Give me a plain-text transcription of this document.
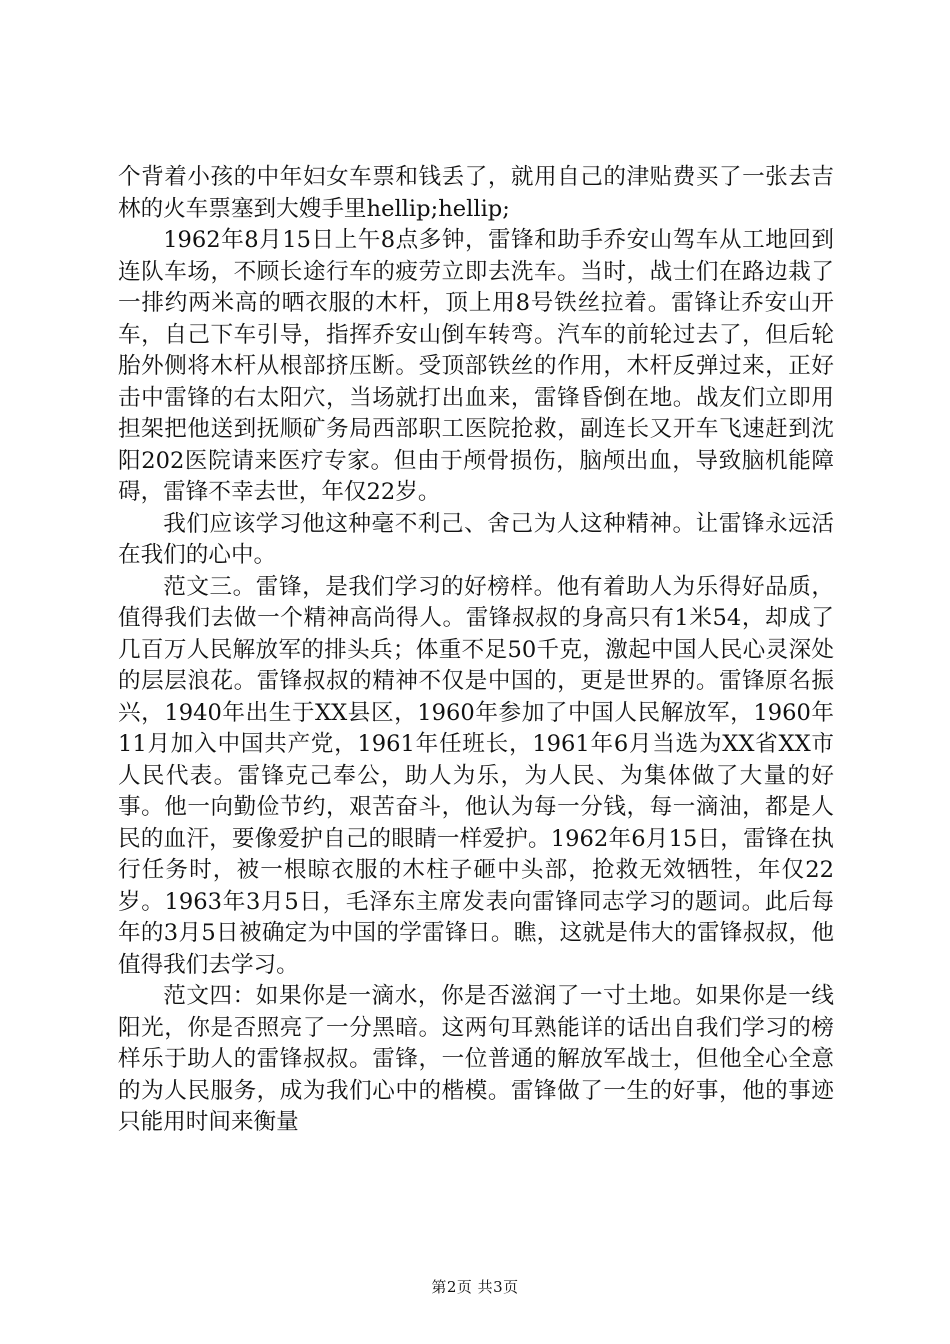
个背着小孩的中年妇女车票和钱丢了，就用自己的津贴费买了一张去吉林的火车票塞到大嫂手里hellip;hellip;

1962年8月15日上午8点多钟，雷锋和助手乔安山驾车从工地回到连队车场，不顾长途行车的疲劳立即去洗车。当时，战士们在路边栽了一排约两米高的晒衣服的木杆，顶上用8号铁丝拉着。雷锋让乔安山开车，自己下车引导，指挥乔安山倒车转弯。汽车的前轮过去了，但后轮胎外侧将木杆从根部挤压断。受顶部铁丝的作用，木杆反弹过来，正好击中雷锋的右太阳穴，当场就打出血来，雷锋昏倒在地。战友们立即用担架把他送到抚顺矿务局西部职工医院抢救，副连长又开车飞速赶到沈阳202医院请来医疗专家。但由于颅骨损伤，脑颅出血，导致脑机能障碍，雷锋不幸去世，年仅22岁。

我们应该学习他这种毫不利己、舍己为人这种精神。让雷锋永远活在我们的心中。

范文三。雷锋，是我们学习的好榜样。他有着助人为乐得好品质，值得我们去做一个精神高尚得人。雷锋叔叔的身高只有1米54，却成了几百万人民解放军的排头兵；体重不足50千克，激起中国人民心灵深处的层层浪花。雷锋叔叔的精神不仅是中国的，更是世界的。雷锋原名振兴，1940年出生于XX县区，1960年参加了中国人民解放军，1960年11月加入中国共产党，1961年任班长，1961年6月当选为XX省XX市人民代表。雷锋克己奉公，助人为乐，为人民、为集体做了大量的好事。他一向勤俭节约，艰苦奋斗，他认为每一分钱，每一滴油，都是人民的血汗，要像爱护自己的眼睛一样爱护。1962年6月15日，雷锋在执行任务时，被一根晾衣服的木柱子砸中头部，抢救无效牺牲，年仅22岁。1963年3月5日，毛泽东主席发表向雷锋同志学习的题词。此后每年的3月5日被确定为中国的学雷锋日。瞧，这就是伟大的雷锋叔叔，他值得我们去学习。

范文四：如果你是一滴水，你是否滋润了一寸土地。如果你是一线阳光，你是否照亮了一分黑暗。这两句耳熟能详的话出自我们学习的榜样乐于助人的雷锋叔叔。雷锋，一位普通的解放军战士，但他全心全意的为人民服务，成为我们心中的楷模。雷锋做了一生的好事，他的事迹只能用时间来衡量

第2页 共3页
